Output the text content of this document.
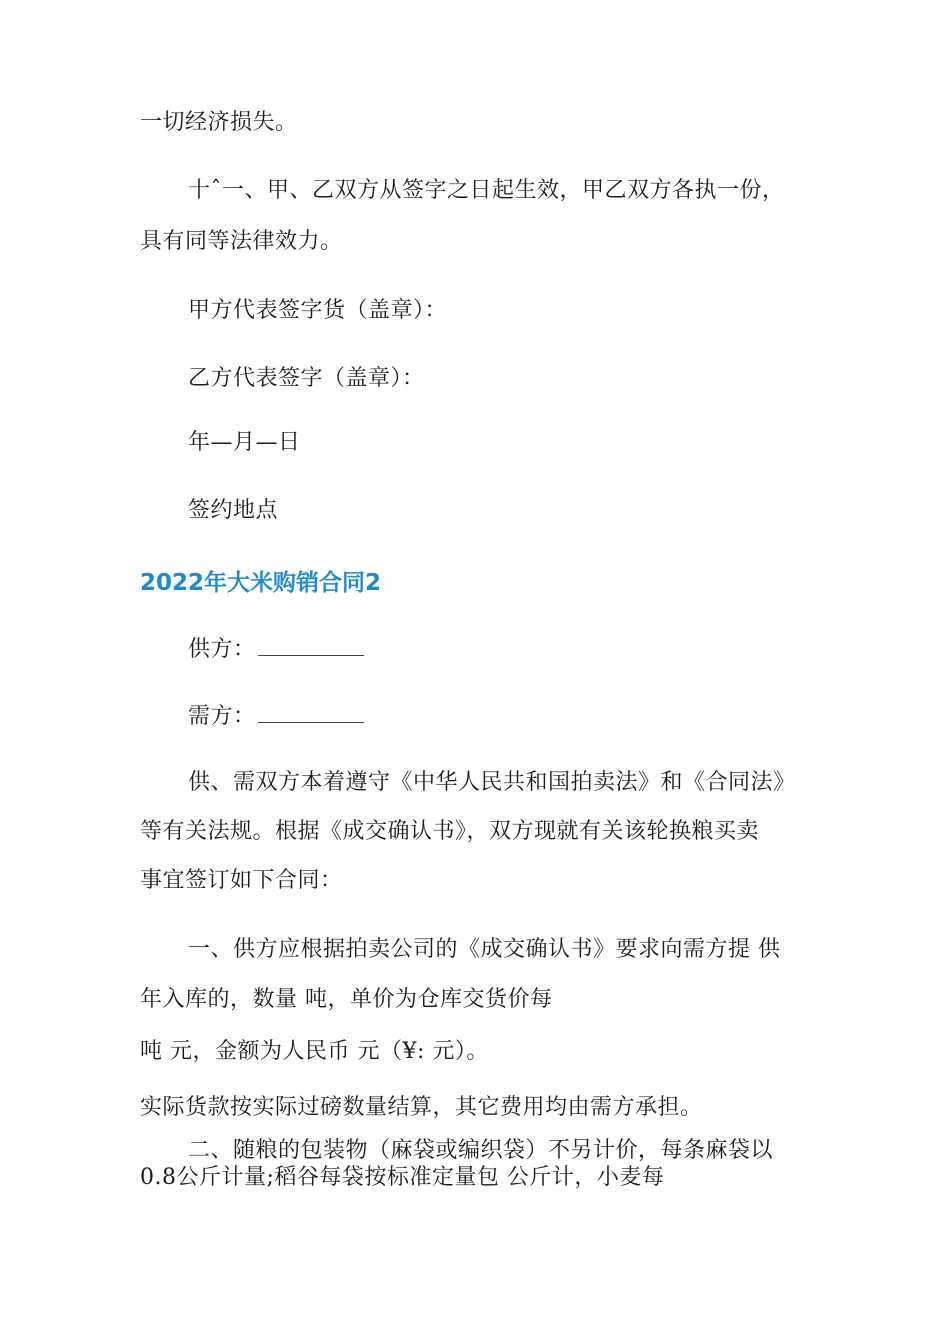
一切经济损失。
十ˆ一、甲、乙双方从签字之日起生效，甲乙双方各执一份，
具有同等法律效力。
甲方代表签字货（盖章）：
乙方代表签字（盖章）：
年—月—日
签约地点
2022年大米购销合同2
供方：
需方：
供、需双方本着遵守《中华人民共和国拍卖法》和《合同法》
等有关法规。根据《成交确认书》，双方现就有关该轮换粮买卖
事宜签订如下合同：
一、供方应根据拍卖公司的《成交确认书》要求向需方提 供
年入库的，数量 吨，单价为仓库交货价每
吨 元，金额为人民币 元（¥: 元）。
实际货款按实际过磅数量结算，其它费用均由需方承担。
二、随粮的包装物（麻袋或编织袋）不另计价，每条麻袋以
0.8公斤计量;稻谷每袋按标准定量包 公斤计，小麦每
